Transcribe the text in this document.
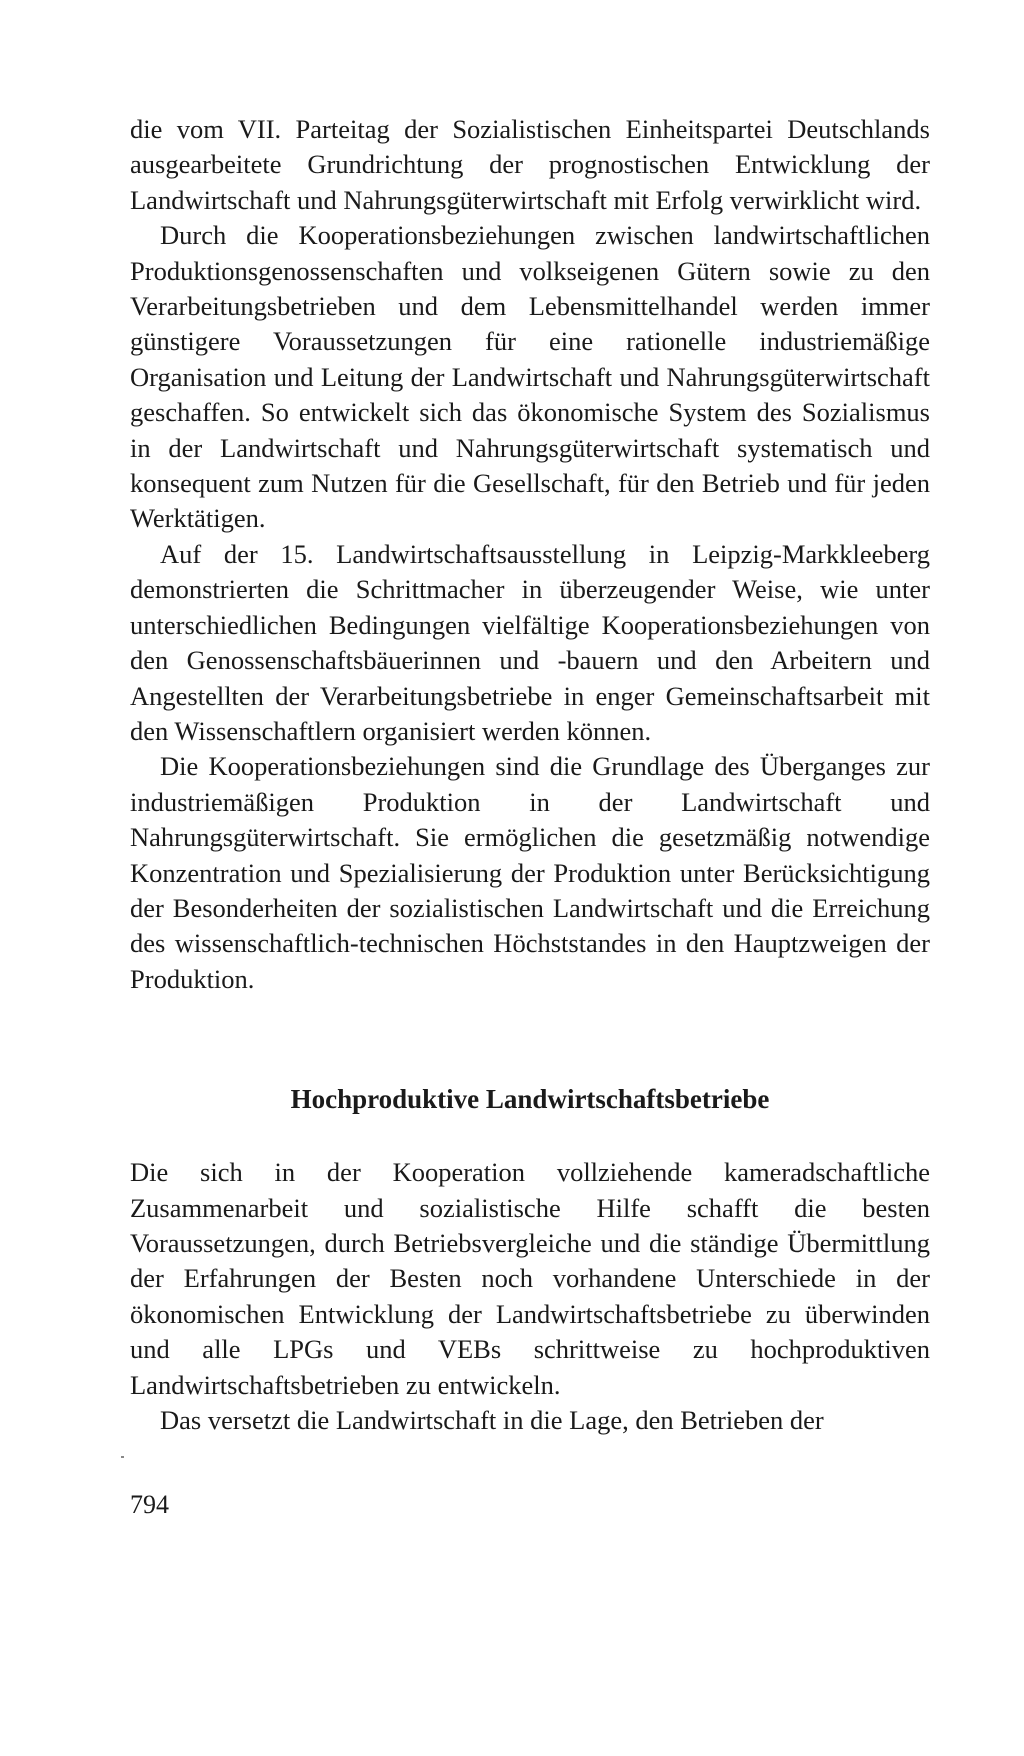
die vom VII. Parteitag der Sozialistischen Einheitspartei Deutschlands ausgearbeitete Grundrichtung der prognostischen Entwicklung der Landwirtschaft und Nahrungsgüterwirtschaft mit Erfolg verwirklicht wird.

Durch die Kooperationsbeziehungen zwischen landwirtschaftlichen Produktionsgenossenschaften und volkseigenen Gütern sowie zu den Verarbeitungsbetrieben und dem Lebensmittelhandel werden immer günstigere Voraussetzungen für eine rationelle industriemäßige Organisation und Leitung der Landwirtschaft und Nahrungsgüterwirtschaft geschaffen. So entwickelt sich das ökonomische System des Sozialismus in der Landwirtschaft und Nahrungsgüterwirtschaft systematisch und konsequent zum Nutzen für die Gesellschaft, für den Betrieb und für jeden Werktätigen.

Auf der 15. Landwirtschaftsausstellung in Leipzig-Markkleeberg demonstrierten die Schrittmacher in überzeugender Weise, wie unter unterschiedlichen Bedingungen vielfältige Kooperationsbeziehungen von den Genossenschaftsbäuerinnen und -bauern und den Arbeitern und Angestellten der Verarbeitungsbetriebe in enger Gemeinschaftsarbeit mit den Wissenschaftlern organisiert werden können.

Die Kooperationsbeziehungen sind die Grundlage des Überganges zur industriemäßigen Produktion in der Landwirtschaft und Nahrungsgüterwirtschaft. Sie ermöglichen die gesetzmäßig notwendige Konzentration und Spezialisierung der Produktion unter Berücksichtigung der Besonderheiten der sozialistischen Landwirtschaft und die Erreichung des wissenschaftlich-technischen Höchststandes in den Hauptzweigen der Produktion.

Hochproduktive Landwirtschaftsbetriebe

Die sich in der Kooperation vollziehende kameradschaftliche Zusammenarbeit und sozialistische Hilfe schafft die besten Voraussetzungen, durch Betriebsvergleiche und die ständige Übermittlung der Erfahrungen der Besten noch vorhandene Unterschiede in der ökonomischen Entwicklung der Landwirtschaftsbetriebe zu überwinden und alle LPGs und VEBs schrittweise zu hochproduktiven Landwirtschaftsbetrieben zu entwickeln.

Das versetzt die Landwirtschaft in die Lage, den Betrieben der

794
